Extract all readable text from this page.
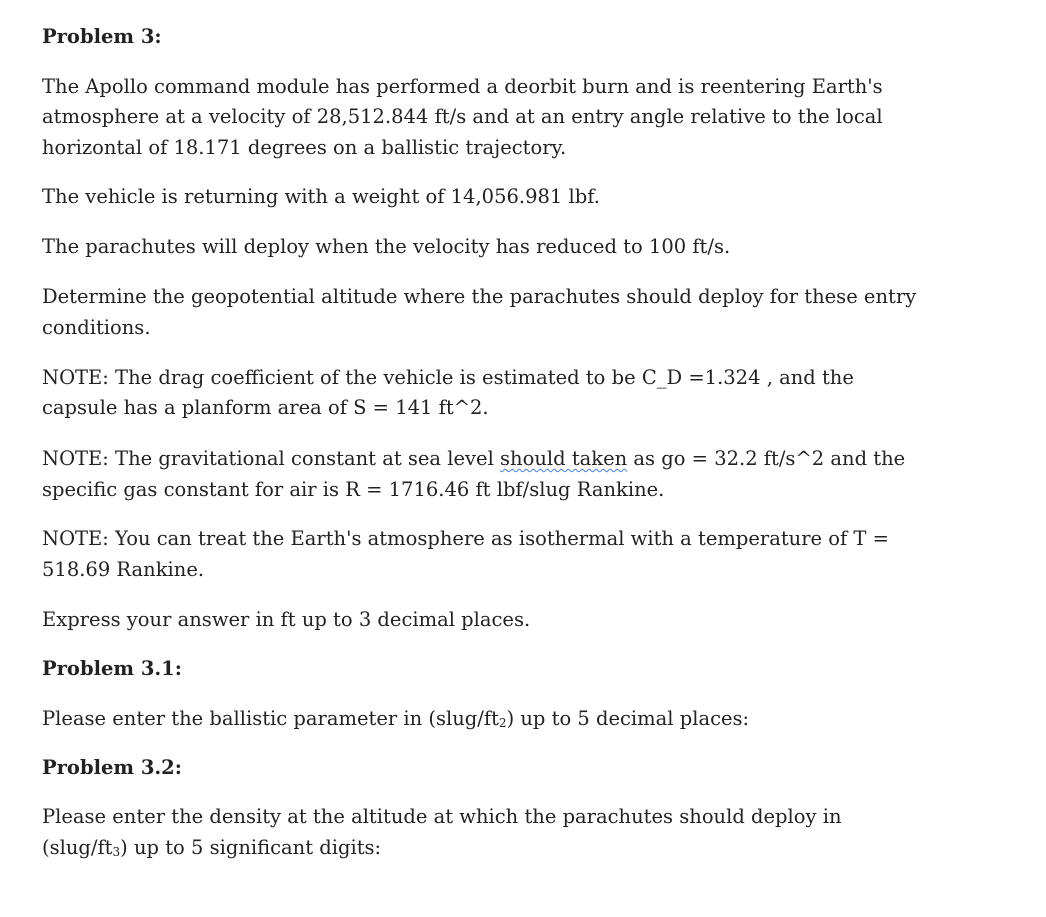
Problem 3:
The Apollo command module has performed a deorbit burn and is reentering Earth's
atmosphere at a velocity of 28,512.844 ft/s and at an entry angle relative to the local
horizontal of 18.171 degrees on a ballistic trajectory.
The vehicle is returning with a weight of 14,056.981 lbf.
The parachutes will deploy when the velocity has reduced to 100 ft/s.
Determine the geopotential altitude where the parachutes should deploy for these entry
conditions.
NOTE: The drag coefficient of the vehicle is estimated to be C_D =1.324 , and the
capsule has a planform area of S = 141 ft^2.
NOTE: The gravitational constant at sea level should taken as go = 32.2 ft/s^2 and the
specific gas constant for air is R = 1716.46 ft lbf/slug Rankine.
NOTE: You can treat the Earth's atmosphere as isothermal with a temperature of T =
518.69 Rankine.
Express your answer in ft up to 3 decimal places.
Problem 3.1:
Please enter the ballistic parameter in $(slug/ft_2)$ up to 5 decimal places:
Problem 3.2:
Please enter the density at the altitude at which the parachutes should deploy in
$(slug/ft_3)$ up to 5 significant digits:
